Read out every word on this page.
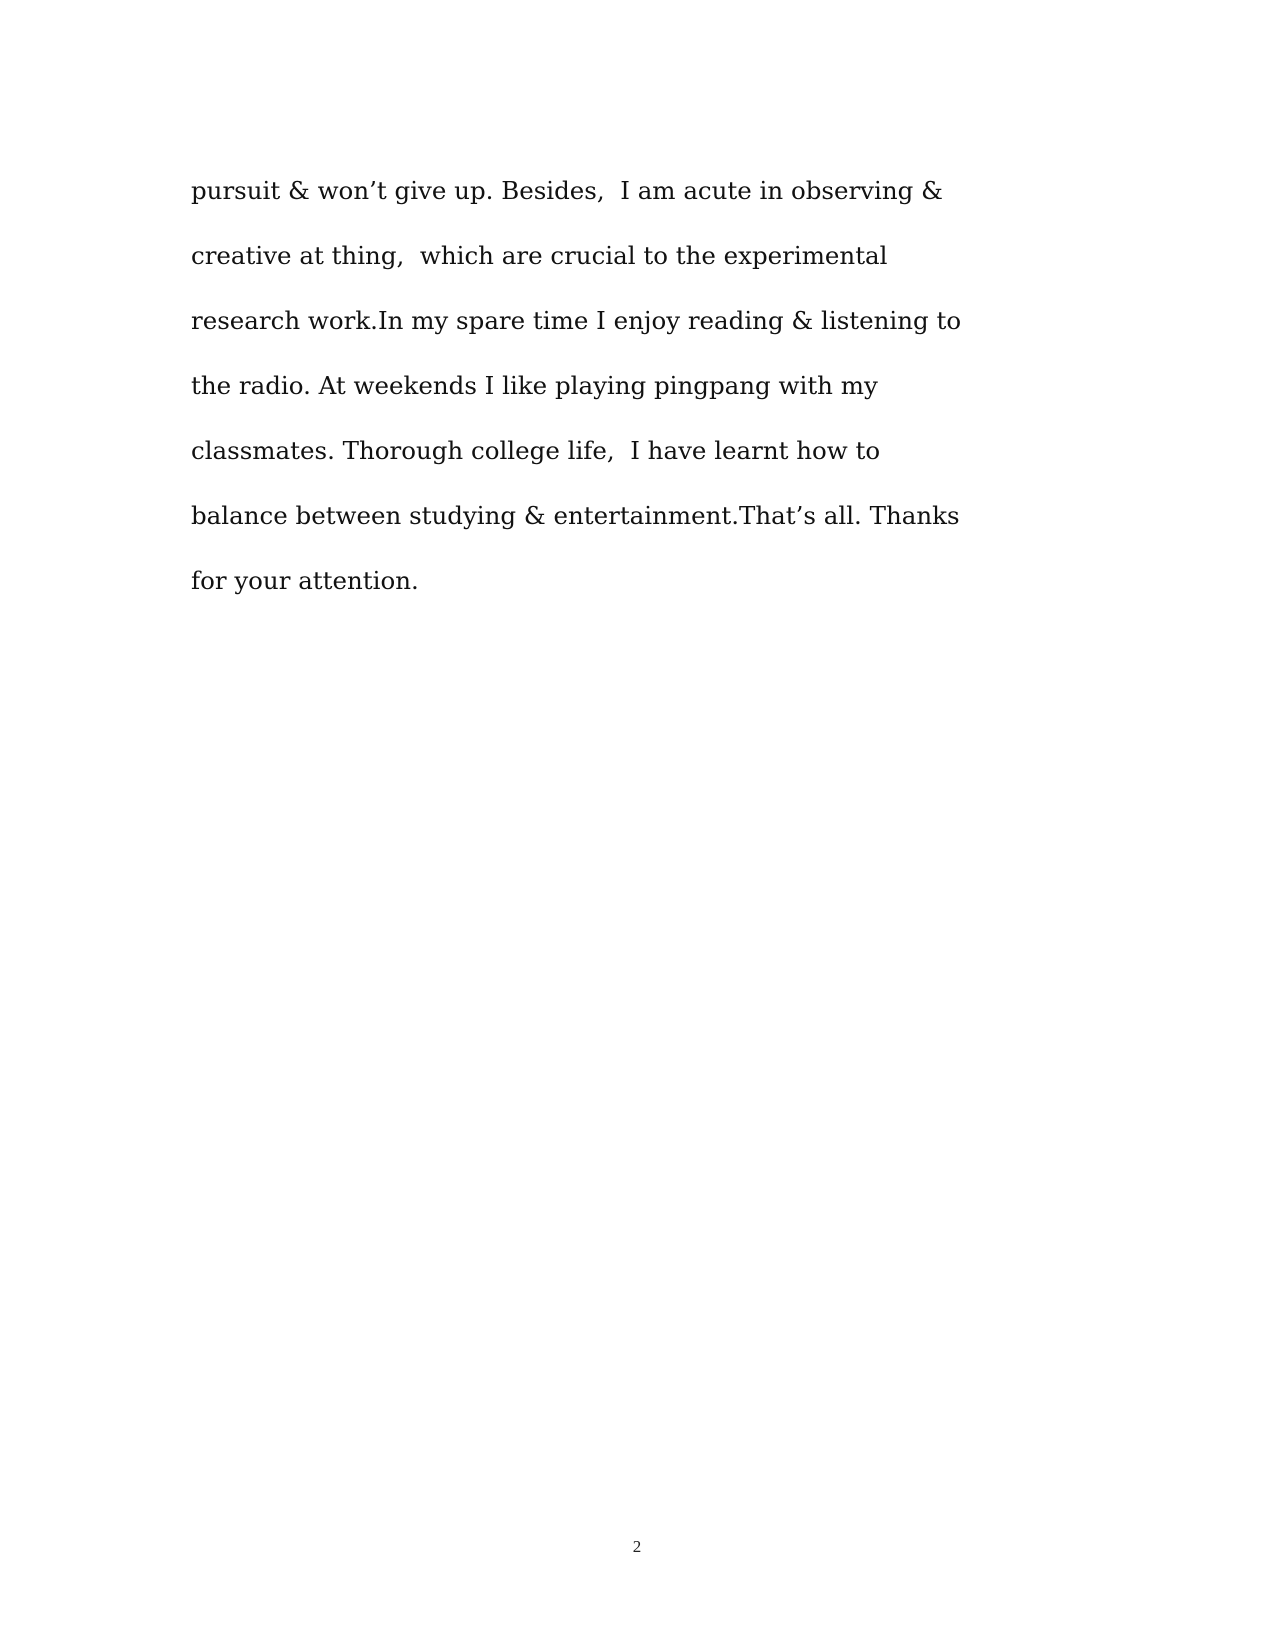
pursuit & won’t give up. Besides,  I am acute in observing &
creative at thing,  which are crucial to the experimental
research work.In my spare time I enjoy reading & listening to
the radio. At weekends I like playing pingpang with my
classmates. Thorough college life,  I have learnt how to
balance between studying & entertainment.That’s all. Thanks
for your attention.
2
